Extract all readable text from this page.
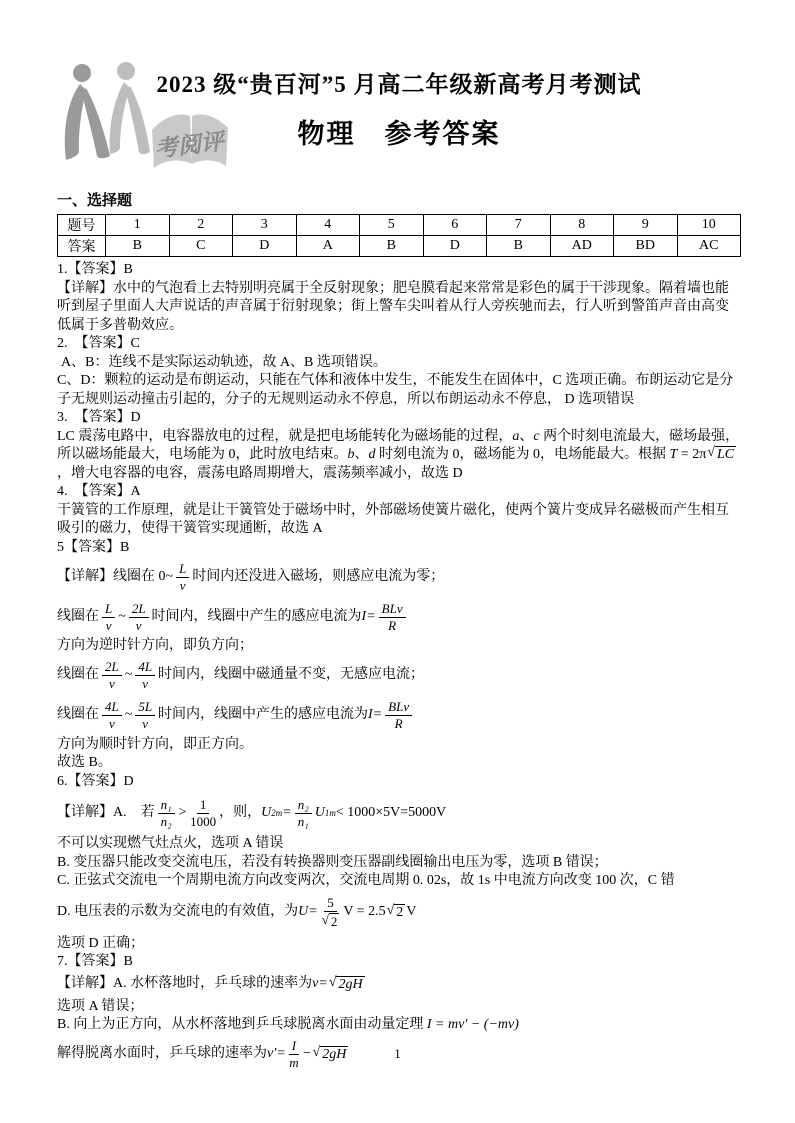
考阅评
2023 级“贵百河”5 月高二年级新高考月考测试
物理　参考答案
一、选择题
题号	1	2	3	4	5	6	7	8	9	10
答案	B	C	D	A	B	D	B	AD	BD	AC

1.【答案】B

【详解】水中的气泡看上去特别明亮属于全反射现象；肥皂膜看起来常常是彩色的属于干涉现象。隔着墙也能听到屋子里面人大声说话的声音属于衍射现象；街上警车尖叫着从行人旁疾驰而去，行人听到警笛声音由高变低属于多普勒效应。

2.　【答案】C

A、B：连线不是实际运动轨迹，故 A、B 选项错误。

C、D：颗粒的运动是布朗运动，只能在气体和液体中发生，不能发生在固体中，C 选项正确。布朗运动它是分子无规则运动撞击引起的，分子的无规则运动永不停息，所以布朗运动永不停息， D 选项错误

3.　【答案】D

LC 震荡电路中，电容器放电的过程，就是把电场能转化为磁场能的过程，a、c 两个时刻电流最大，磁场最强，所以磁场能最大，电场能为 0，此时放电结束。b、d 时刻电流为 0，磁场能为 0，电场能最大。根据 T = 2π √ LC
，增大电容器的电容，震荡电路周期增大，震荡频率减小，故选 D

4.　【答案】A

干簧管的工作原理，就是让干簧管处于磁场中时，外部磁场使簧片磁化，使两个簧片变成异名磁极而产生相互吸引的磁力，使得干簧管实现通断，故选 A

5【答案】B

【详解】线圈在 0~ $\frac{L}{v}$ 时间内还没进入磁场，则感应电流为零；
线圈在 $\frac{L}{v}$ ~ $\frac{2L}{v}$ 时间内，线圈中产生的感应电流为 $I = \frac{\text{BLv}}{R}$

方向为逆时针方向，即负方向；

线圈在 $\frac{2L}{v}$ ~ $\frac{4L}{v}$ 时间内，线圈中磁通量不变，无感应电流；
线圈在 $\frac{4L}{v}$ ~ $\frac{5L}{v}$ 时间内，线圈中产生的感应电流为 $I = \frac{\text{BLv}}{R}$

方向为顺时针方向，即正方向。

故选 B。

6.【答案】D

【详解】A.　若 $\frac{\text{n₁}}{\text{n₂}} > \frac{1}{1000}$ ，则， U $2m = \frac{\text{n₂}}{\text{n₁}}$ U 1m < 1000×5V=5000V

不可以实现燃气灶点火，选项 A 错误

B. 变压器只能改变交流电压，若没有转换器则变压器副线圈输出电压为零，选项 B 错误；

C. 正弦式交流电一个周期电流方向改变两次，交流电周期 0. 02s，故 1s 中电流方向改变 100 次，C 错

D. 电压表的示数为交流电的有效值，为 $U = \frac{5}{√ 2}$ V = 2.5 √ 2 V

选项 D 正确；

7.【答案】B

【详解】A. 水杯落地时，乒乓球的速率为 v = √ 2gH

选项 A 错误；

B. 向上为正方向，从水杯落地到乒乓球脱离水面由动量定理 I = mv′ − (−mv)

解得脱离水面时，乒乓球的速率为 $v' = \frac{I}{m}$ − √ 2gH	1
